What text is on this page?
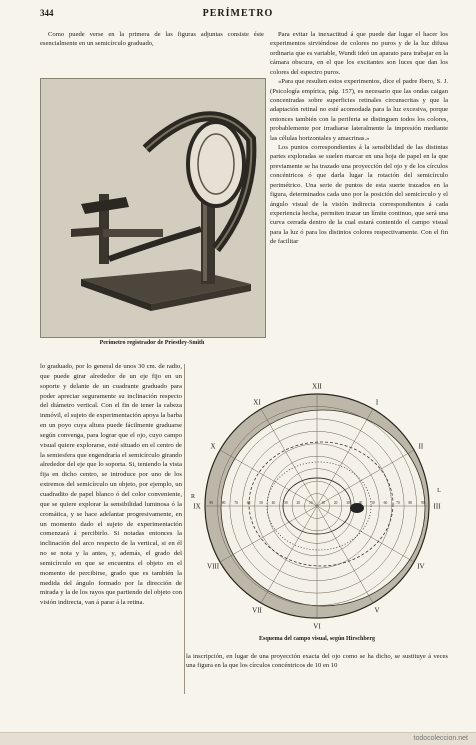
344	PERÍMETRO

Como puede verse en la primera de las figuras adjuntas consiste éste esencialmente en un semicírculo graduado,

Perímetro registrador de Priestley-Smith

Para evitar la inexactitud á que puede dar lugar el hacer los experimentos sirviéndose de colores no puros y de la luz difusa ordinaria que es variable, Wundt ideó un aparato para trabajar en la cámara obscura, en el que los excitantes son luces que dan los colores del espectro puros.

«Para que resulten estos experimentos, dice el padre Ibero, S. J. (Psicología empírica, pág. 157), es necesario que las ondas caigan concentradas sobre superficies retinales circunscritas y que la adaptación retinal no esté acomodada para la luz excesiva, porque entonces también con la periferia se distinguen todos los colores, probablemente por irradiarse lateralmente la impresión mediante las células horizontales y amacrinas.»

Los puntos correspondientes á la sensibilidad de las distintas partes exploradas se suelen marcar en una hoja de papel en la que previamente se ha trazado una proyección del ojo y de los círculos concéntricos ó que darla lugar la rotación del semicírculo perimétrico. Una serie de puntos de esta suerte trazados en la figura, determinados cada uno por la posición del semicírculo y el ángulo visual de la visión indirecta correspondientes á cada experiencia hecha, permiten trazar un límite continuo, que será una curva cerrada dentro de la cual estará contenido el campo visual para la luz ó para los distintos colores respectivamente. Con el fin de facilitar

lo graduado, por lo general de unos 30 cm. de radio, que puede girar alrededor de un eje fijo en un soporte y delante de un cuadrante graduado para poder apreciar seguramente su inclinación respecto del diámetro vertical. Con el fin de tener la cabeza inmóvil, el sujeto de experimentación apoya la barba en un poyo cuya altura puede fácilmente graduarse según convenga, para lograr que el ojo, cuyo campo visual quiere explorarse, esté situado en el centro de la semiesfera que engendraría el semicírculo girando alrededor del eje que lo soporta. Si, teniendo la vista fija en dicho centro, se introduce por uno de los extremos del semicírculo un objeto, por ejemplo, un cuadradito de papel blanco ó del color conveniente, que se quiere explorar la sensibilidad luminosa ó la cromática, y se hace adelantar progresivamente, en un momento dado el sujeto de experimentación comenzará á percibirlo. Si notadas entonces la inclinación del arco respecto de la vertical, si en él no se nota y la antes, y, además, el grado del semicírculo en que se encuentra el objeto en el momento de percibirse, grado que es también la medida del ángulo formado por la dirección de mirada y la de los rayos que partiendo del objeto con visión indirecta, van á parar á la retina.

XII
I
II
III
IV
V
VI
VII
VIII
IX
X
XI
90 80 70 60 50 40 30 20 10 10 20 30 40 50 60 70 80 90
R
L
Esquema del campo visual, según Hirschberg

la inscripción, en lugar de una proyección exacta del ojo como se ha dicho, se sustituye á veces una figura en la que los círculos concéntricos de 10 en 10

todocoleccion.net
